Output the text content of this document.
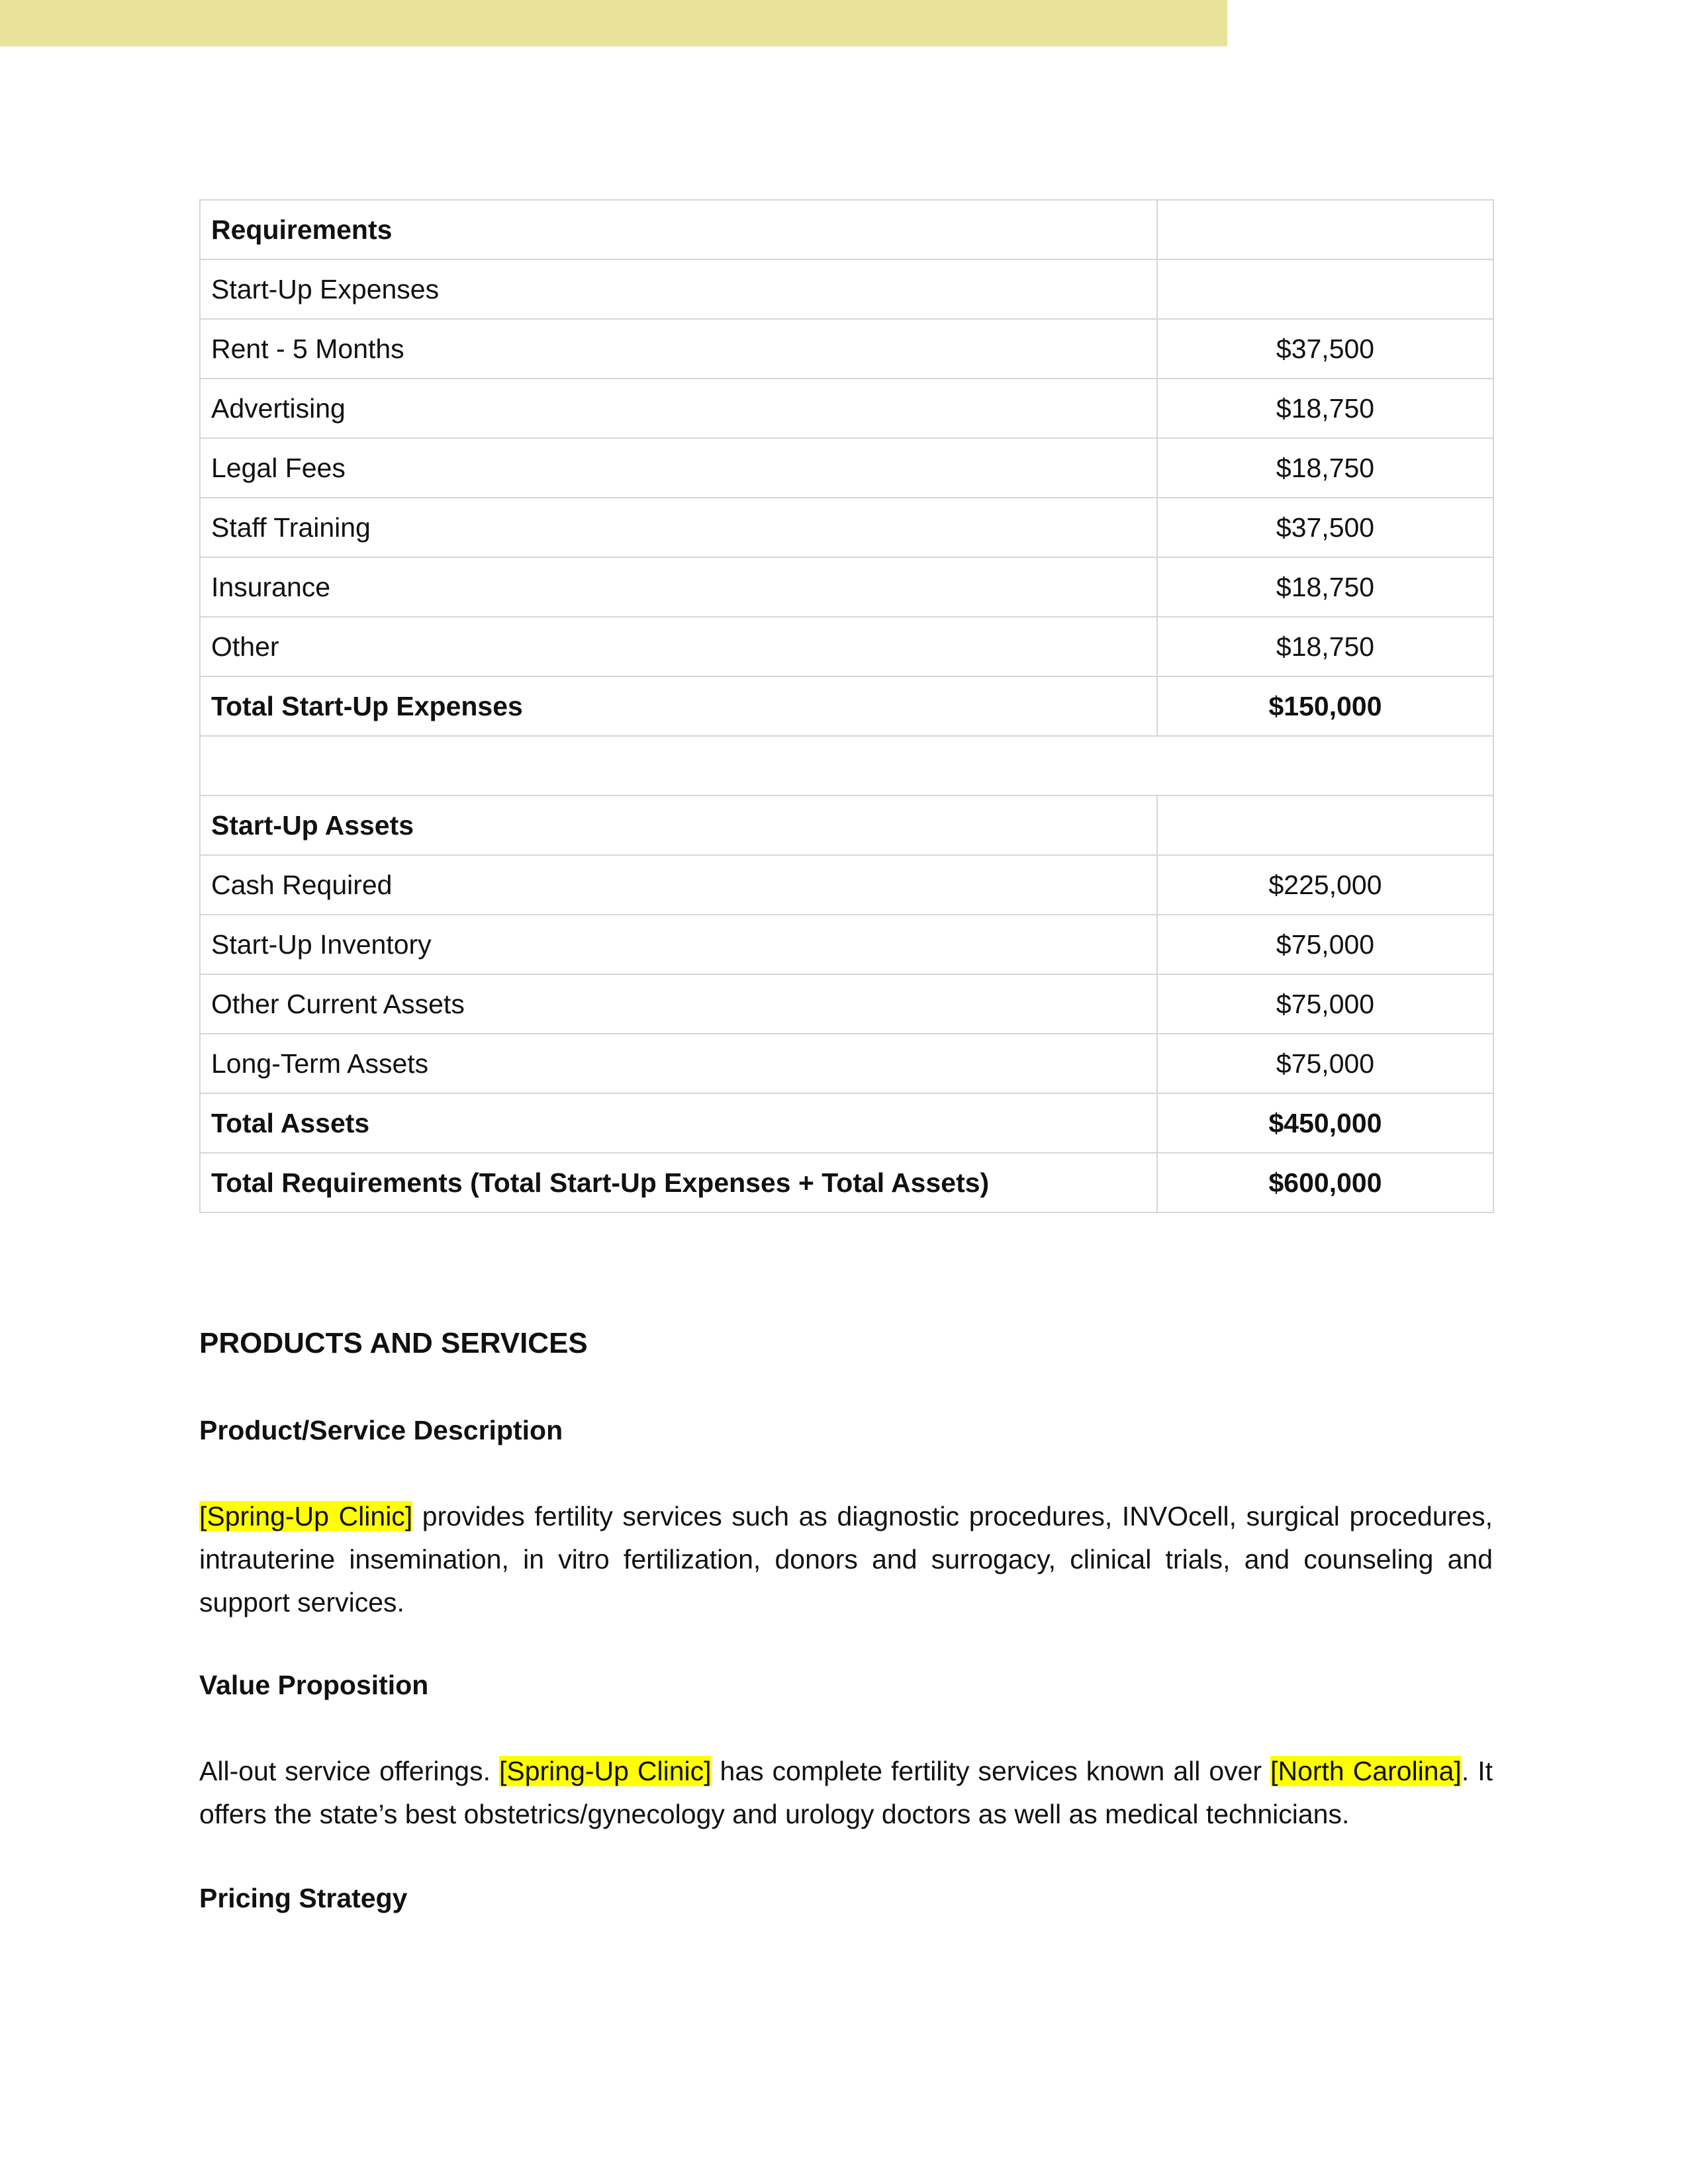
Requirements	
Start-Up Expenses	
Rent - 5 Months	$37,500
Advertising	$18,750
Legal Fees	$18,750
Staff Training	$37,500
Insurance	$18,750
Other	$18,750
Total Start-Up Expenses	$150,000

Start-Up Assets	
Cash Required	$225,000
Start-Up Inventory	$75,000
Other Current Assets	$75,000
Long-Term Assets	$75,000
Total Assets	$450,000
Total Requirements (Total Start-Up Expenses + Total Assets)	$600,000
PRODUCTS AND SERVICES
Product/Service Description
[Spring-Up Clinic] provides fertility services such as diagnostic procedures, INVOcell, surgical procedures, intrauterine insemination, in vitro fertilization, donors and surrogacy, clinical trials, and counseling and support services.
Value Proposition
All-out service offerings. [Spring-Up Clinic] has complete fertility services known all over [North Carolina]. It offers the state’s best obstetrics/gynecology and urology doctors as well as medical technicians.
Pricing Strategy
